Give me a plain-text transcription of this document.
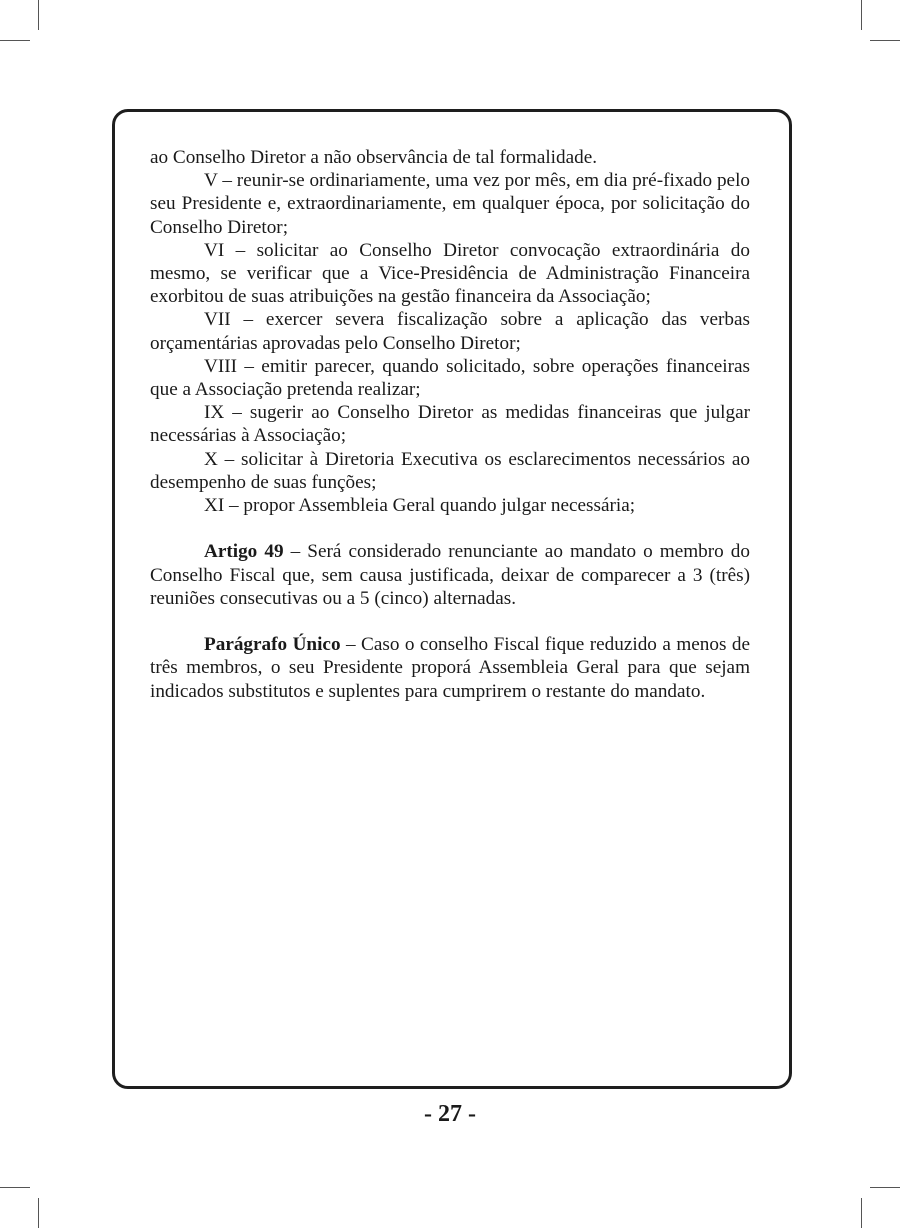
ao Conselho Diretor a não observância de tal formalidade.

V – reunir-se ordinariamente, uma vez por mês, em dia pré-fixado pelo seu Presidente e, extraordinariamente, em qualquer época, por solicitação do Conselho Diretor;

VI – solicitar ao Conselho Diretor convocação extraordinária do mesmo, se verificar que a Vice-Presidência de Administração Financeira exorbitou de suas atribuições na gestão financeira da Associação;

VII – exercer severa fiscalização sobre a aplicação das verbas orçamentárias aprovadas pelo Conselho Diretor;

VIII – emitir parecer, quando solicitado, sobre operações financeiras que a Associação pretenda realizar;

IX – sugerir ao Conselho Diretor as medidas financeiras que julgar necessárias à Associação;

X – solicitar à Diretoria Executiva os esclarecimentos necessários ao desempenho de suas funções;

XI – propor Assembleia Geral quando julgar necessária;

Artigo 49 – Será considerado renunciante ao mandato o membro do Conselho Fiscal que, sem causa justificada, deixar de comparecer a 3 (três) reuniões consecutivas ou a 5 (cinco) alternadas.

Parágrafo Único – Caso o conselho Fiscal fique reduzido a menos de três membros, o seu Presidente proporá Assembleia Geral para que sejam indicados substitutos e suplentes para cumprirem o restante do mandato.

- 27 -
